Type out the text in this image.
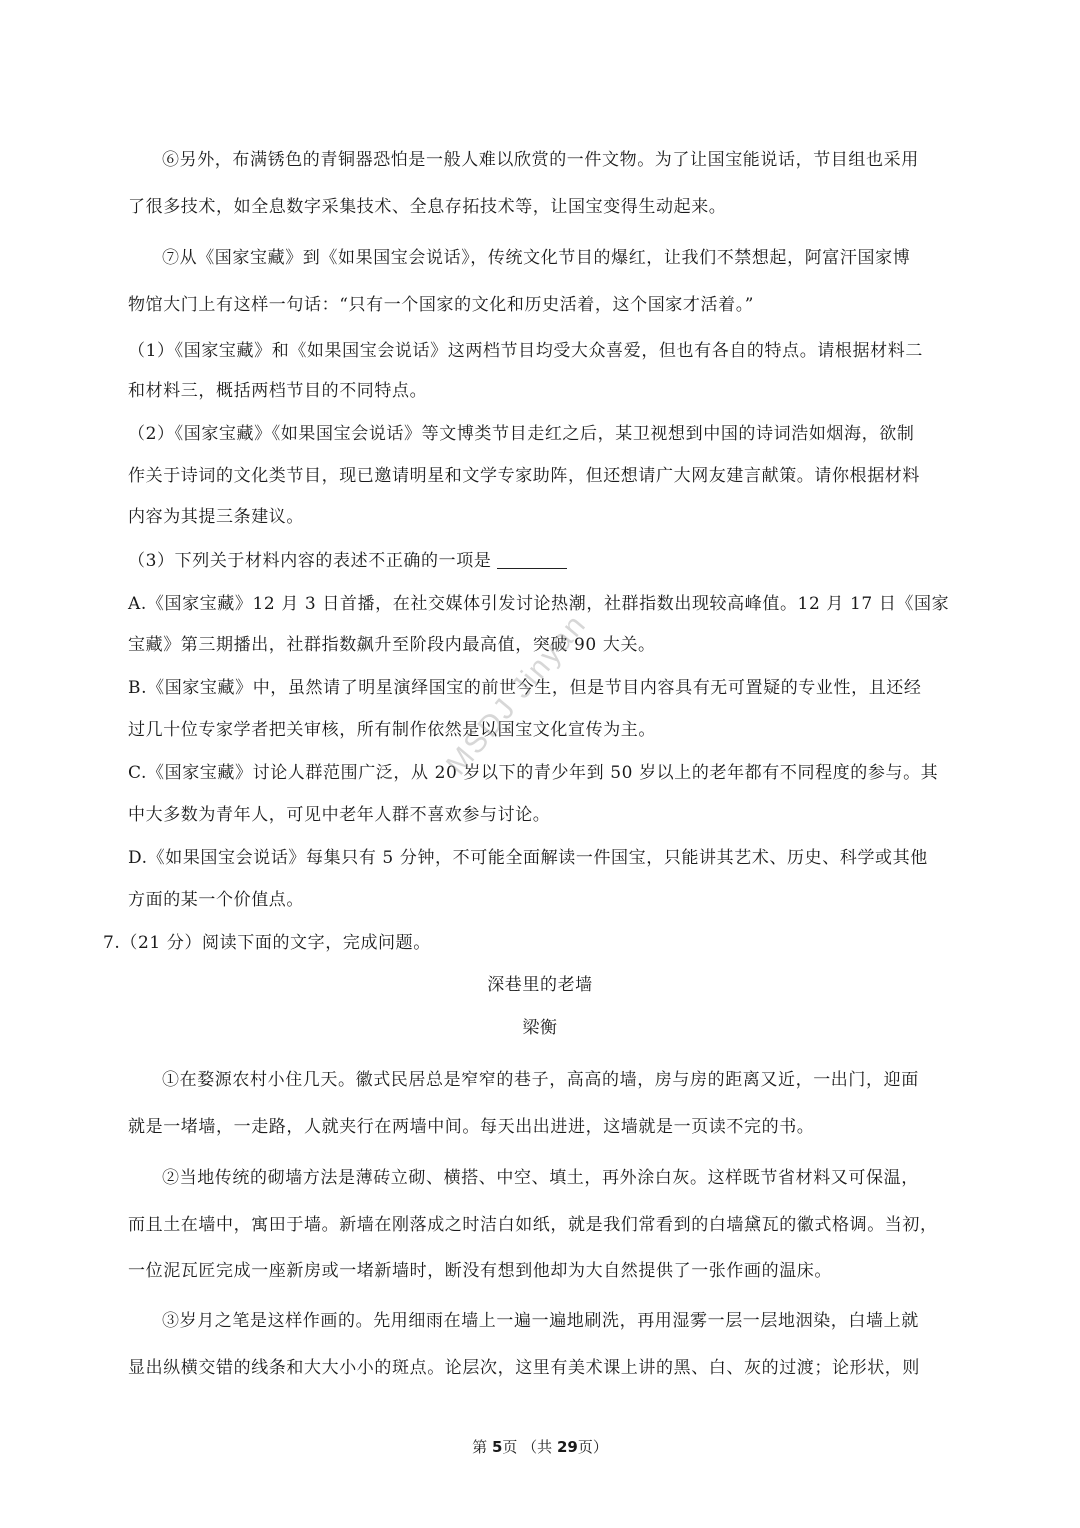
⑥另外，布满锈色的青铜器恐怕是一般人难以欣赏的一件文物。为了让国宝能说话，节目组也采用
了很多技术，如全息数字采集技术、全息存拓技术等，让国宝变得生动起来。
⑦从《国家宝藏》到《如果国宝会说话》，传统文化节目的爆红，让我们不禁想起，阿富汗国家博
物馆大门上有这样一句话：“只有一个国家的文化和历史活着，这个国家才活着。”
（1）《国家宝藏》和《如果国宝会说话》这两档节目均受大众喜爱，但也有各自的特点。请根据材料二
和材料三，概括两档节目的不同特点。
（2）《国家宝藏》《如果国宝会说话》等文博类节目走红之后，某卫视想到中国的诗词浩如烟海，欲制
作关于诗词的文化类节目，现已邀请明星和文学专家助阵，但还想请广大网友建言献策。请你根据材料
内容为其提三条建议。
（3）下列关于材料内容的表述不正确的一项是
A.《国家宝藏》12 月 3 日首播，在社交媒体引发讨论热潮，社群指数出现较高峰值。12 月 17 日《国家
宝藏》第三期播出，社群指数飙升至阶段内最高值，突破 90 大关。
B.《国家宝藏》中，虽然请了明星演绎国宝的前世今生，但是节目内容具有无可置疑的专业性，且还经
过几十位专家学者把关审核，所有制作依然是以国宝文化宣传为主。
C.《国家宝藏》讨论人群范围广泛，从 20 岁以下的青少年到 50 岁以上的老年都有不同程度的参与。其
中大多数为青年人，可见中老年人群不喜欢参与讨论。
D.《如果国宝会说话》每集只有 5 分钟，不可能全面解读一件国宝，只能讲其艺术、历史、科学或其他
方面的某一个价值点。
7.（21 分）阅读下面的文字，完成问题。
深巷里的老墙
梁衡
①在婺源农村小住几天。徽式民居总是窄窄的巷子，高高的墙，房与房的距离又近，一出门，迎面
就是一堵墙，一走路，人就夹行在两墙中间。每天出出进进，这墙就是一页读不完的书。
②当地传统的砌墙方法是薄砖立砌、横搭、中空、填土，再外涂白灰。这样既节省材料又可保温，
而且土在墙中，寓田于墙。新墙在刚落成之时洁白如纸，就是我们常看到的白墙黛瓦的徽式格调。当初，
一位泥瓦匠完成一座新房或一堵新墙时，断没有想到他却为大自然提供了一张作画的温床。
③岁月之笔是这样作画的。先用细雨在墙上一遍一遍地刷洗，再用湿雾一层一层地洇染，白墙上就
显出纵横交错的线条和大大小小的斑点。论层次，这里有美术课上讲的黑、白、灰的过渡；论形状，则
MSDJ Jinyan
第 5页 （共 29页）
